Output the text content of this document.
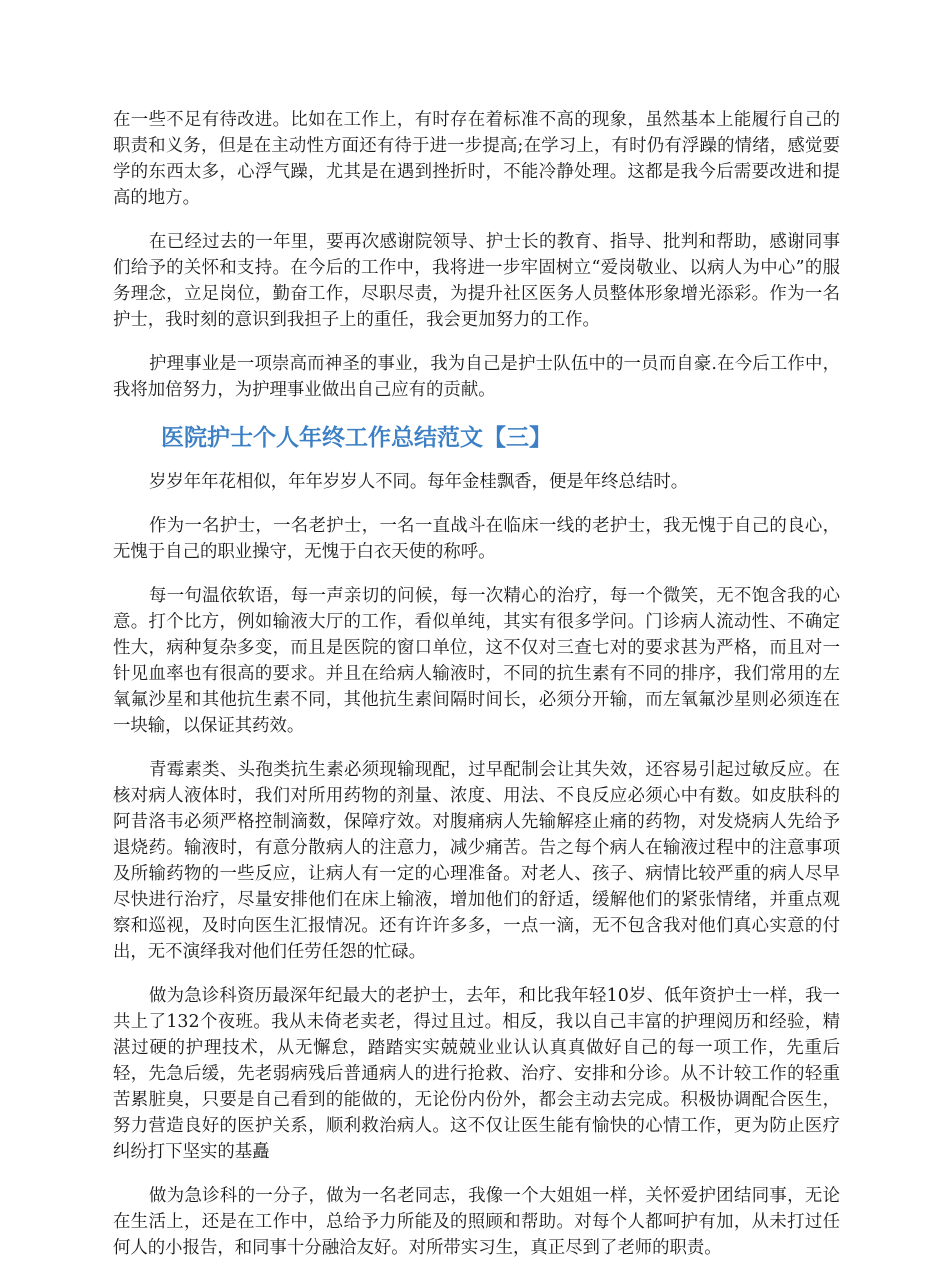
在一些不足有待改进。比如在工作上，有时存在着标准不高的现象，虽然基本上能履行自己的职责和义务，但是在主动性方面还有待于进一步提高;在学习上，有时仍有浮躁的情绪，感觉要学的东西太多，心浮气躁，尤其是在遇到挫折时，不能冷静处理。这都是我今后需要改进和提高的地方。

在已经过去的一年里，要再次感谢院领导、护士长的教育、指导、批判和帮助，感谢同事们给予的关怀和支持。在今后的工作中，我将进一步牢固树立“爱岗敬业、以病人为中心”的服务理念，立足岗位，勤奋工作，尽职尽责，为提升社区医务人员整体形象增光添彩。作为一名护士，我时刻的意识到我担子上的重任，我会更加努力的工作。

护理事业是一项崇高而神圣的事业，我为自己是护士队伍中的一员而自豪.在今后工作中，我将加倍努力，为护理事业做出自己应有的贡献。

医院护士个人年终工作总结范文【三】

岁岁年年花相似，年年岁岁人不同。每年金桂飘香，便是年终总结时。

作为一名护士，一名老护士，一名一直战斗在临床一线的老护士，我无愧于自己的良心，无愧于自己的职业操守，无愧于白衣天使的称呼。

每一句温依软语，每一声亲切的问候，每一次精心的治疗，每一个微笑，无不饱含我的心意。打个比方，例如输液大厅的工作，看似单纯，其实有很多学问。门诊病人流动性、不确定性大，病种复杂多变，而且是医院的窗口单位，这不仅对三查七对的要求甚为严格，而且对一针见血率也有很高的要求。并且在给病人输液时，不同的抗生素有不同的排序，我们常用的左氧氟沙星和其他抗生素不同，其他抗生素间隔时间长，必须分开输，而左氧氟沙星则必须连在一块输，以保证其药效。

青霉素类、头孢类抗生素必须现输现配，过早配制会让其失效，还容易引起过敏反应。在核对病人液体时，我们对所用药物的剂量、浓度、用法、不良反应必须心中有数。如皮肤科的阿昔洛韦必须严格控制滴数，保障疗效。对腹痛病人先输解痉止痛的药物，对发烧病人先给予退烧药。输液时，有意分散病人的注意力，减少痛苦。告之每个病人在输液过程中的注意事项及所输药物的一些反应，让病人有一定的心理准备。对老人、孩子、病情比较严重的病人尽早尽快进行治疗，尽量安排他们在床上输液，增加他们的舒适，缓解他们的紧张情绪，并重点观察和巡视，及时向医生汇报情况。还有许许多多，一点一滴，无不包含我对他们真心实意的付出，无不演绎我对他们任劳任怨的忙碌。

做为急诊科资历最深年纪最大的老护士，去年，和比我年轻10岁、低年资护士一样，我一共上了132个夜班。我从未倚老卖老，得过且过。相反，我以自己丰富的护理阅历和经验，精湛过硬的护理技术，从无懈怠，踏踏实实兢兢业业认认真真做好自己的每一项工作，先重后轻，先急后缓，先老弱病残后普通病人的进行抢救、治疗、安排和分诊。从不计较工作的轻重苦累脏臭，只要是自己看到的能做的，无论份内份外，都会主动去完成。积极协调配合医生，努力营造良好的医护关系，顺利救治病人。这不仅让医生能有愉快的心情工作，更为防止医疗纠纷打下坚实的基矗

做为急诊科的一分子，做为一名老同志，我像一个大姐姐一样，关怀爱护团结同事，无论在生活上，还是在工作中，总给予力所能及的照顾和帮助。对每个人都呵护有加，从未打过任何人的小报告，和同事十分融洽友好。对所带实习生，真正尽到了老师的职责。
